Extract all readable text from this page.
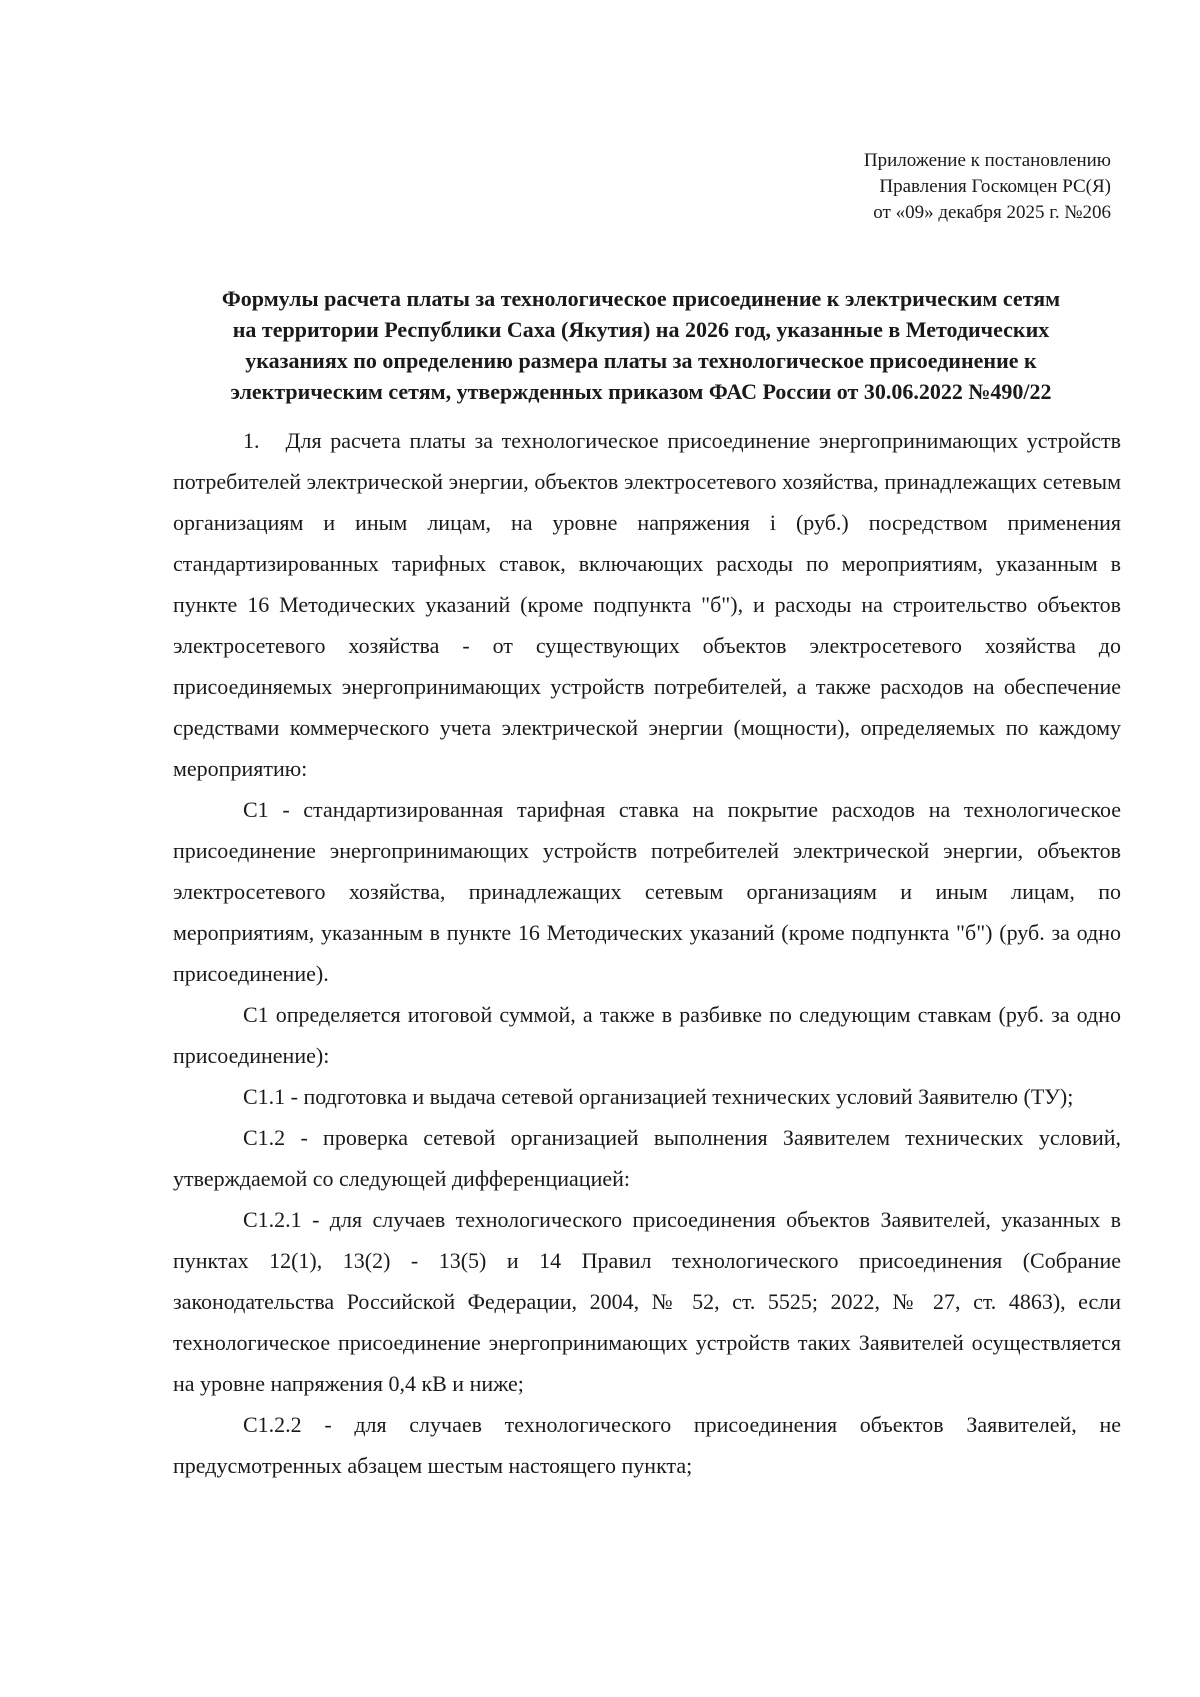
Приложение к постановлению
Правления Госкомцен РС(Я)
от «09» декабря 2025 г. №206
Формулы расчета платы за технологическое присоединение к электрическим сетям
на территории Республики Саха (Якутия) на 2026 год, указанные в Методических
указаниях по определению размера платы за технологическое присоединение к
электрическим сетям, утвержденных приказом ФАС России от 30.06.2022 №490/22

1.   Для расчета платы за технологическое присоединение энергопринимающих устройств потребителей электрической энергии, объектов электросетевого хозяйства, принадлежащих сетевым организациям и иным лицам, на уровне напряжения i (руб.) посредством применения стандартизированных тарифных ставок, включающих расходы по мероприятиям, указанным в пункте 16 Методических указаний (кроме подпункта "б"), и расходы на строительство объектов электросетевого хозяйства - от существующих объектов электросетевого хозяйства до присоединяемых энергопринимающих устройств потребителей, а также расходов на обеспечение средствами коммерческого учета электрической энергии (мощности), определяемых по каждому мероприятию:

C1 - стандартизированная тарифная ставка на покрытие расходов на технологическое присоединение энергопринимающих устройств потребителей электрической энергии, объектов электросетевого хозяйства, принадлежащих сетевым организациям и иным лицам, по мероприятиям, указанным в пункте 16 Методических указаний (кроме подпункта "б") (руб. за одно присоединение).

C1 определяется итоговой суммой, а также в разбивке по следующим ставкам (руб. за одно присоединение):

C1.1 - подготовка и выдача сетевой организацией технических условий Заявителю (ТУ);

C1.2 - проверка сетевой организацией выполнения Заявителем технических условий, утверждаемой со следующей дифференциацией:

C1.2.1 - для случаев технологического присоединения объектов Заявителей, указанных в пунктах 12(1), 13(2) - 13(5) и 14 Правил технологического присоединения (Собрание законодательства Российской Федерации, 2004, № 52, ст. 5525; 2022, № 27, ст. 4863), если технологическое присоединение энергопринимающих устройств таких Заявителей осуществляется на уровне напряжения 0,4 кВ и ниже;

C1.2.2 - для случаев технологического присоединения объектов Заявителей, не предусмотренных абзацем шестым настоящего пункта;
